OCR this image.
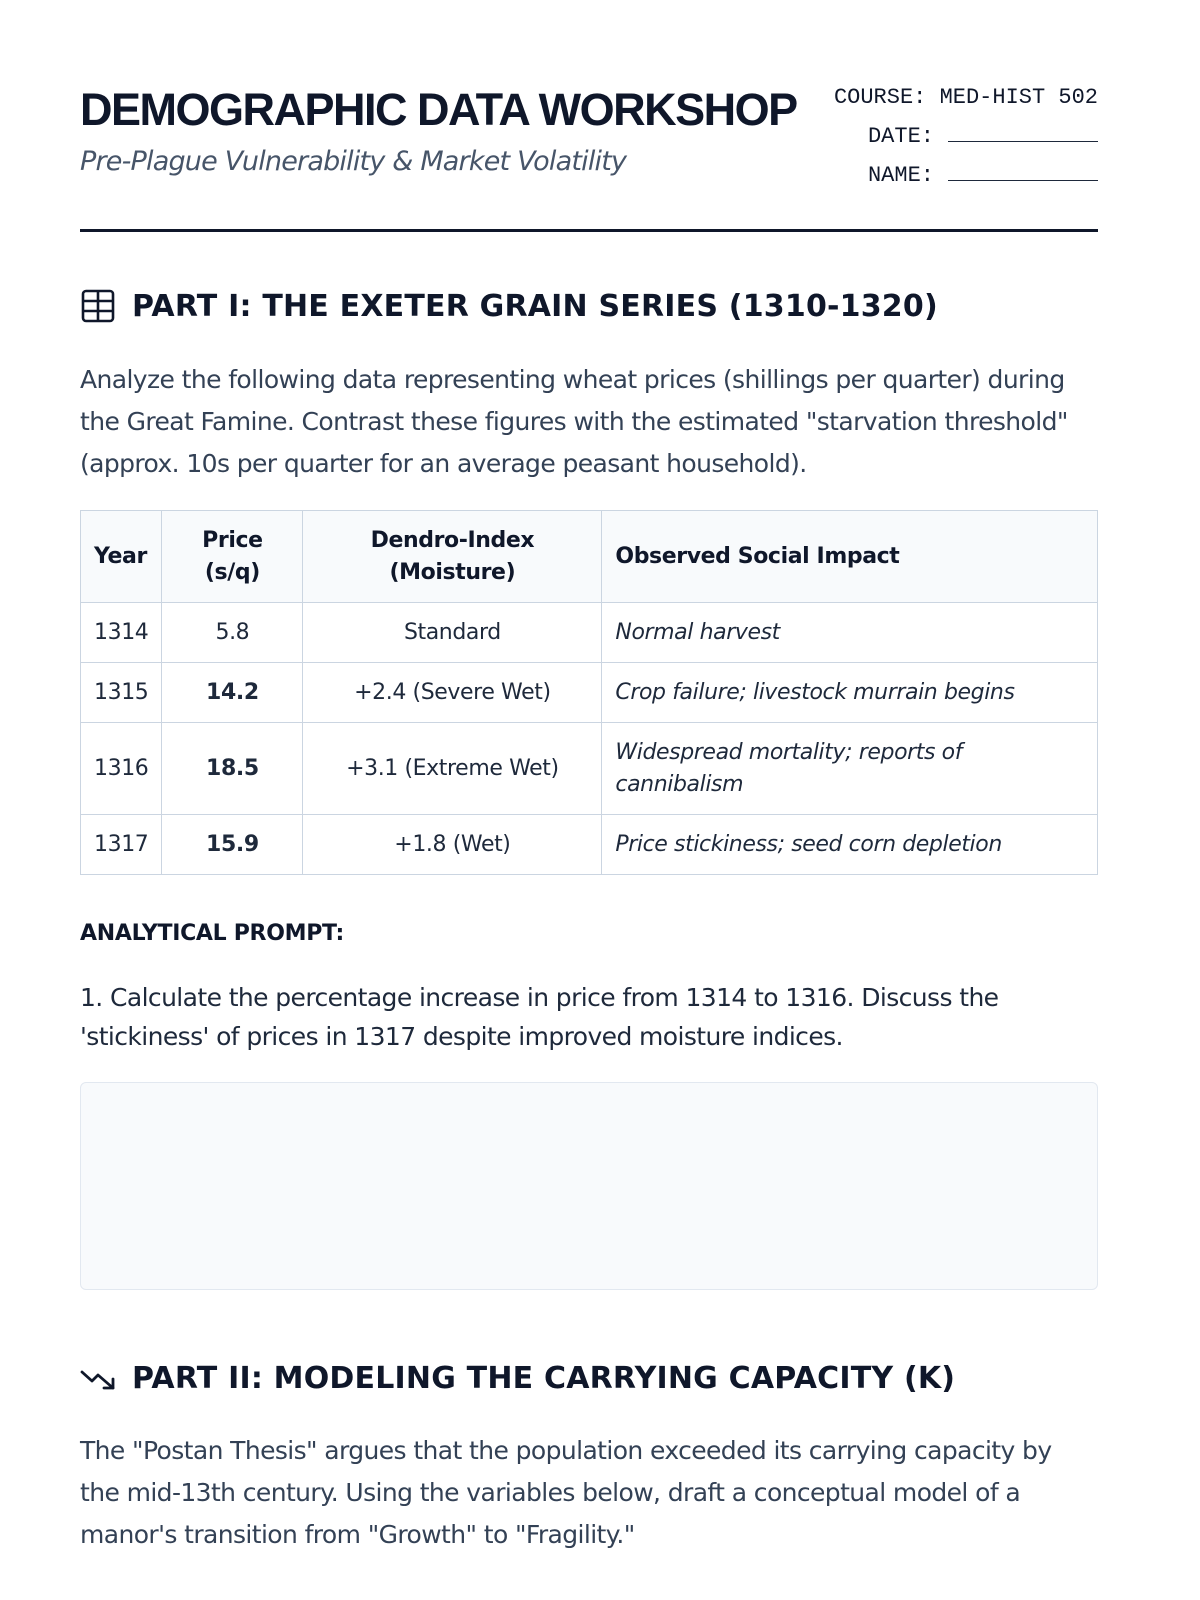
DEMOGRAPHIC DATA WORKSHOP

Pre-Plague Vulnerability & Market Volatility

COURSE: MED-HIST 502
DATE:
NAME:
PART I: THE EXETER GRAIN SERIES (1310-1320)

Analyze the following data representing wheat prices (shillings per quarter) during the Great Famine. Contrast these figures with the estimated "starvation threshold" (approx. 10s per quarter for an average peasant household).

Year	Price (s/q)	Dendro-Index (Moisture)	Observed Social Impact
1314	5.8	Standard	Normal harvest
1315	14.2	+2.4 (Severe Wet)	Crop failure; livestock murrain begins
1316	18.5	+3.1 (Extreme Wet)	Widespread mortality; reports of cannibalism
1317	15.9	+1.8 (Wet)	Price stickiness; seed corn depletion
ANALYTICAL PROMPT:

1. Calculate the percentage increase in price from 1314 to 1316. Discuss the 'stickiness' of prices in 1317 despite improved moisture indices.

PART II: MODELING THE CARRYING CAPACITY (K)

The "Postan Thesis" argues that the population exceeded its carrying capacity by the mid-13th century. Using the variables below, draft a conceptual model of a manor's transition from "Growth" to "Fragility."
